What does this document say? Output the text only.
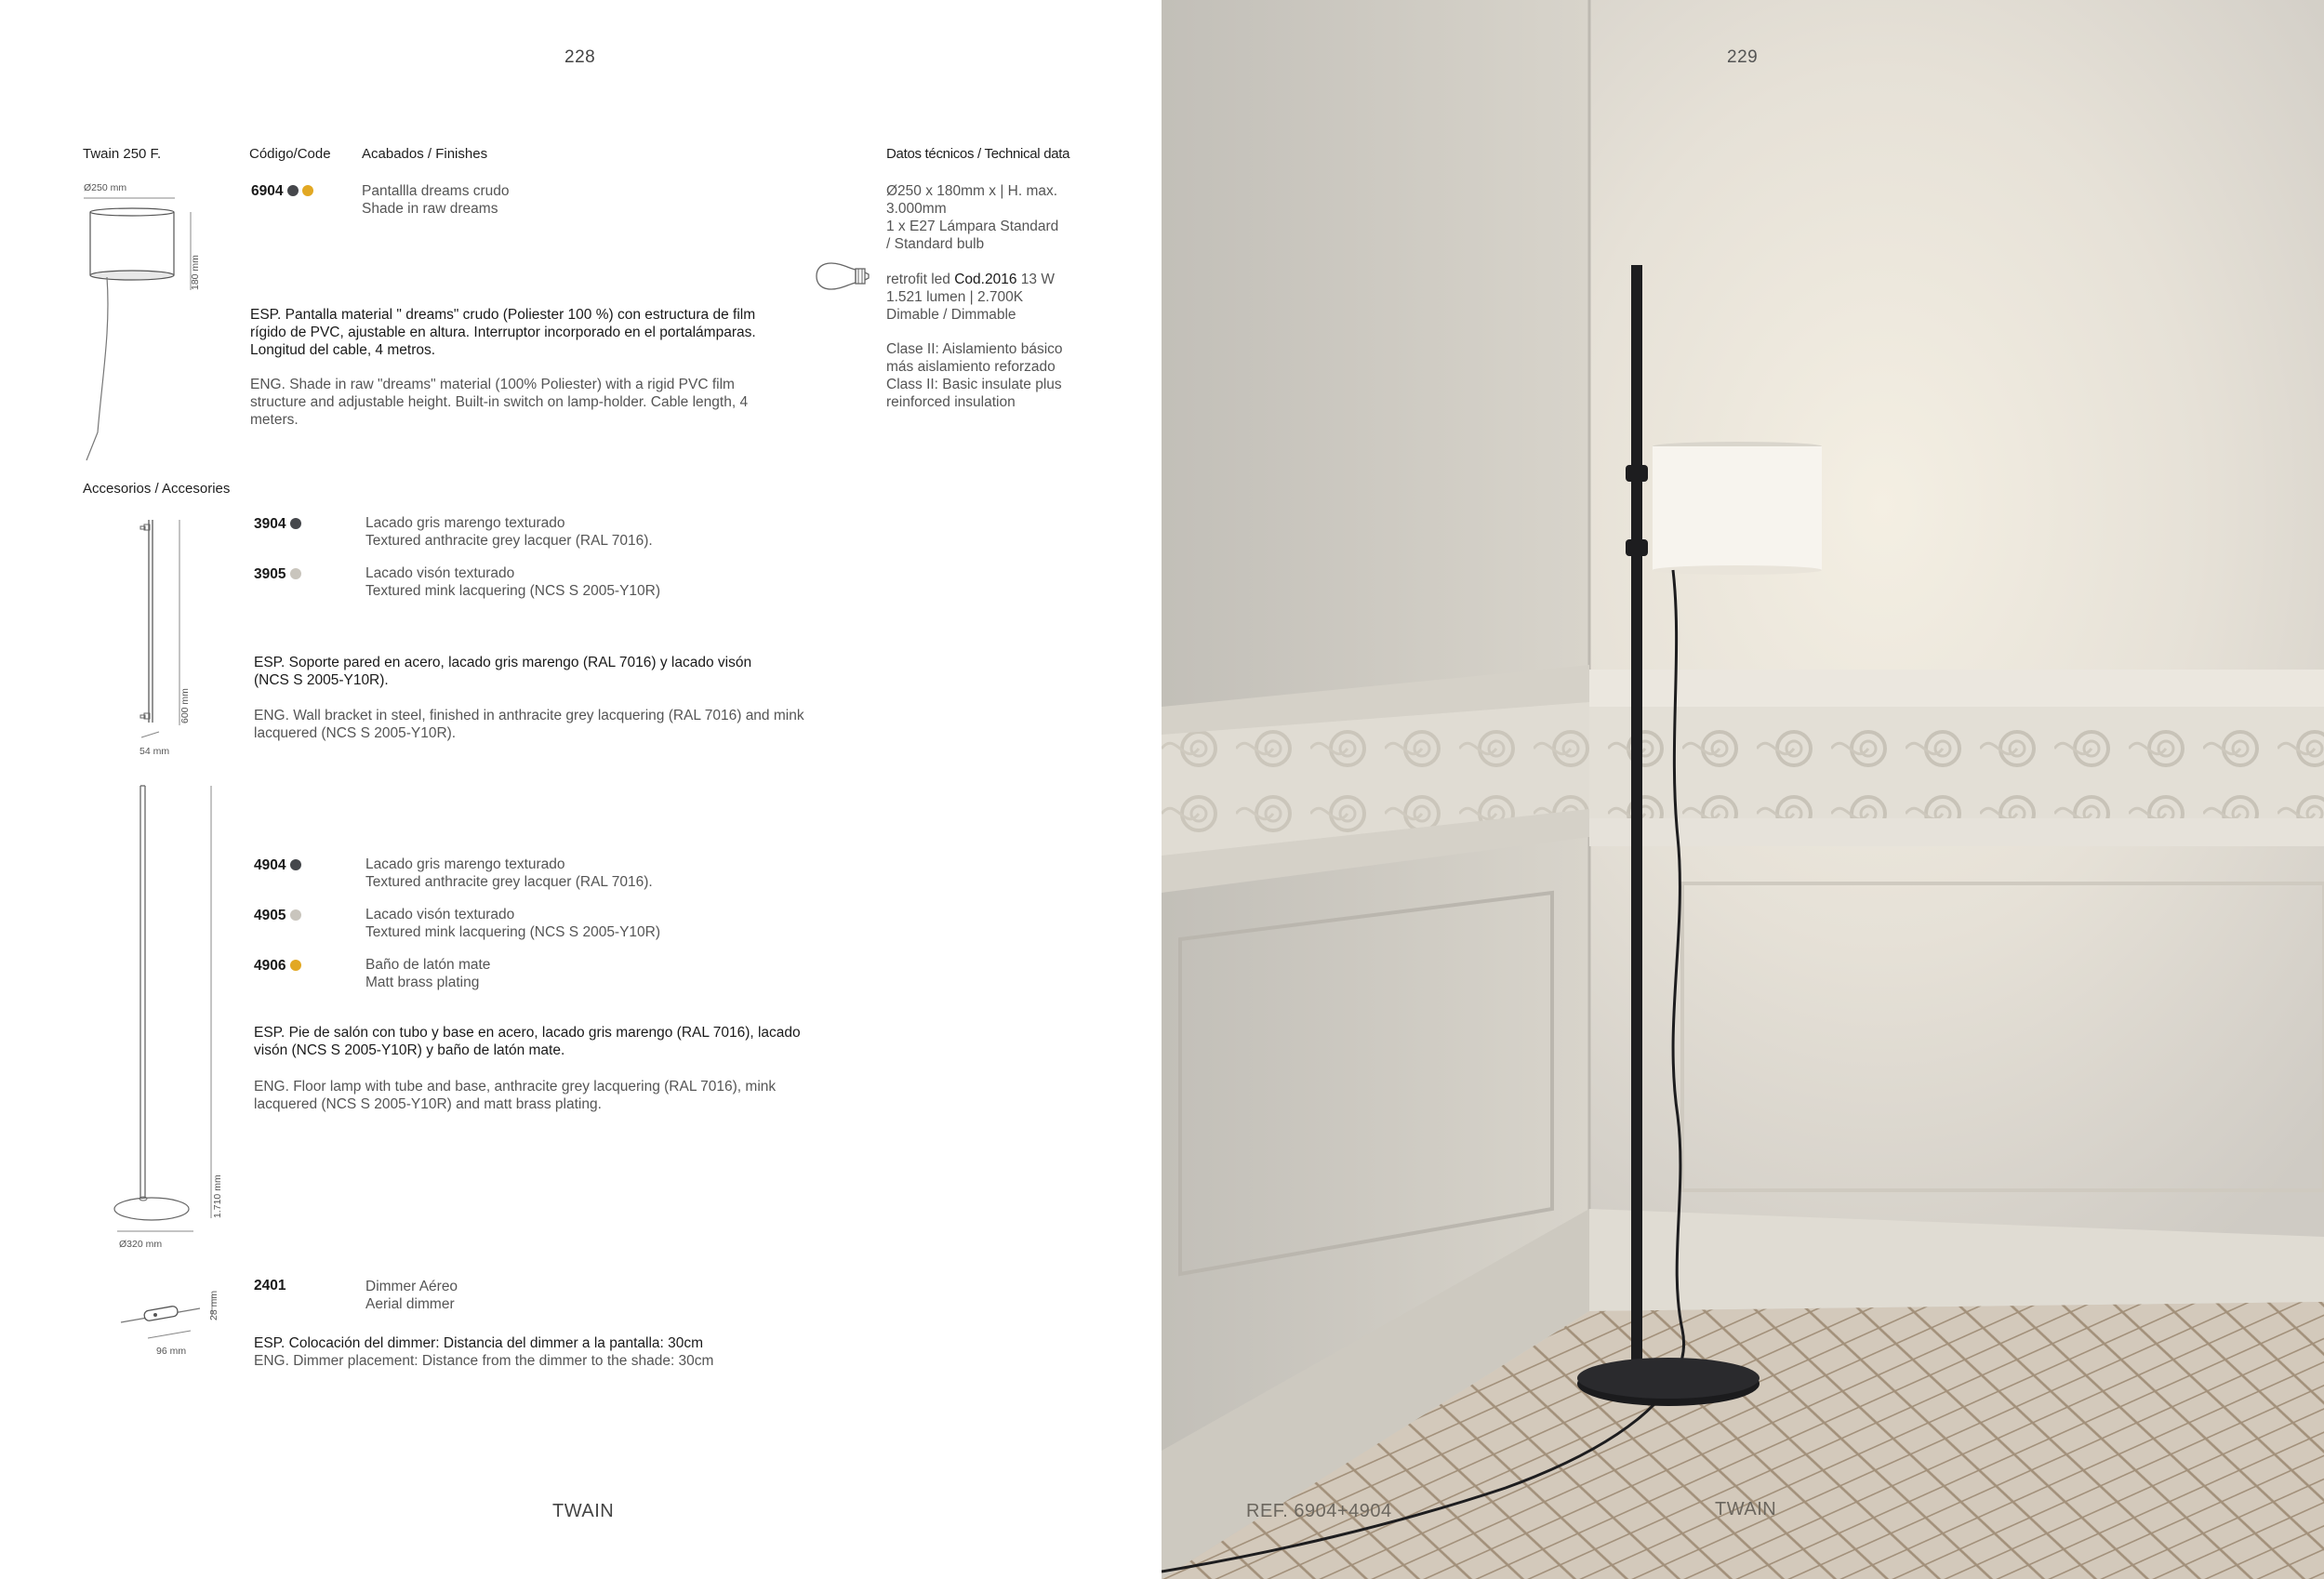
228
Twain 250 F.	Código/Code Acabados / Finishes	Datos técnicos / Technical data
Ø250 mm
180 mm
6904	Pantallla dreams crudo
Shade in raw dreams
ESP. Pantalla material " dreams" crudo (Poliester 100 %) con estructura de film
rígido de PVC, ajustable en altura. Interruptor incorporado en el portalámparas.
Longitud del cable, 4 metros.
ENG. Shade in raw "dreams" material (100% Poliester) with a rigid PVC film
structure and adjustable height. Built-in switch on lamp-holder. Cable length, 4
meters.
Ø250 x 180mm x | H. max.
3.000mm
1 x E27 Lámpara Standard
/ Standard bulb
retrofit led Cod.2016 13 W
1.521 lumen | 2.700K
Dimable / Dimmable
Clase II: Aislamiento básico
más aislamiento reforzado
Class II: Basic insulate plus
reinforced insulation
Accesorios / Accesories
600 mm
54 mm
3904	Lacado gris marengo texturado
Textured anthracite grey lacquer (RAL 7016).
3905	Lacado visón texturado
Textured mink lacquering (NCS S 2005-Y10R)
ESP. Soporte pared en acero, lacado gris marengo (RAL 7016) y lacado visón
(NCS S 2005-Y10R).
ENG. Wall bracket in steel, finished in anthracite grey lacquering (RAL 7016) and mink
lacquered (NCS S 2005-Y10R).
1.710 mm
Ø320 mm
4904	Lacado gris marengo texturado
Textured anthracite grey lacquer (RAL 7016).
4905	Lacado visón texturado
Textured mink lacquering (NCS S 2005-Y10R)
4906	Baño de latón mate
Matt brass plating
ESP. Pie de salón con tubo y base en acero, lacado gris marengo (RAL 7016), lacado
visón (NCS S 2005-Y10R) y baño de latón mate.
ENG. Floor lamp with tube and base, anthracite grey lacquering (RAL 7016), mink
lacquered (NCS S 2005-Y10R) and matt brass plating.
28 mm
96 mm
2401	Dimmer Aéreo
Aerial dimmer
ESP. Colocación del dimmer: Distancia del dimmer a la pantalla: 30cm
ENG. Dimmer placement: Distance from the dimmer to the shade: 30cm
TWAIN
229
REF. 6904+4904	TWAIN
